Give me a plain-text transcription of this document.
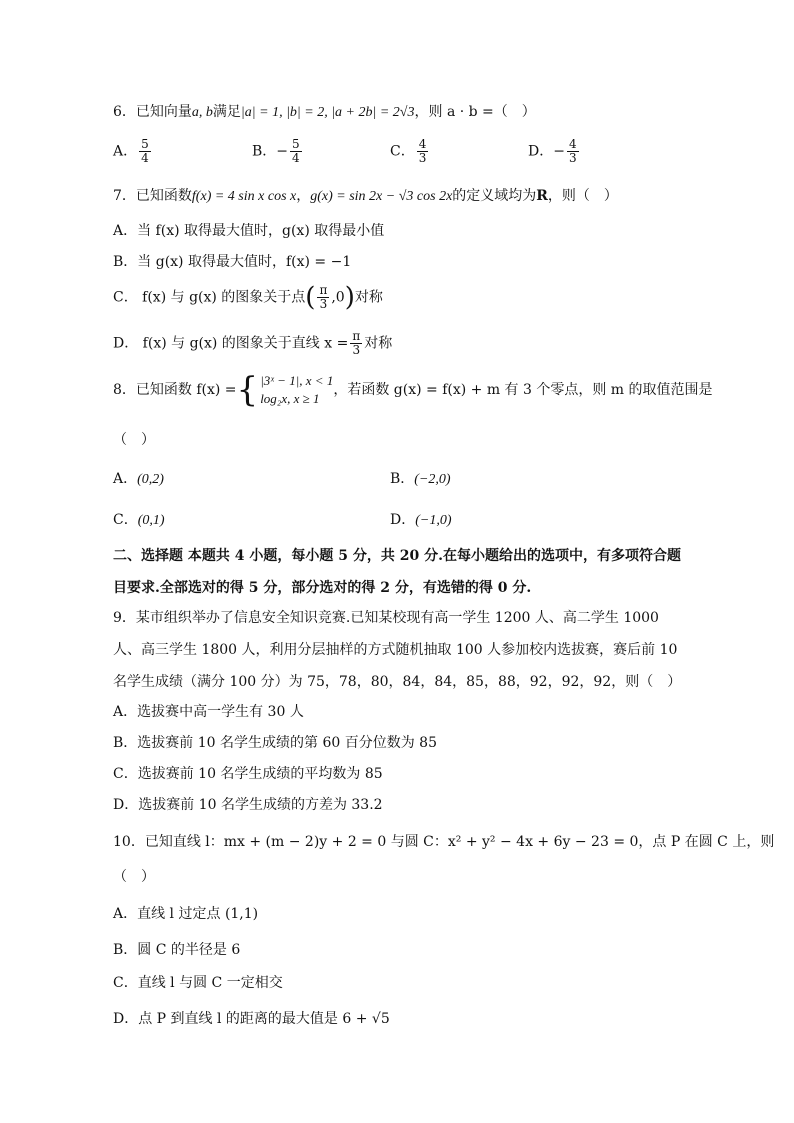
6．已知向量a, b满足|a| = 1, |b| = 2, |a + 2b| = 2√3，则 a · b =（　）
A． $\frac{5}{4}$	B．− $\frac{5}{4}$	C． $\frac{4}{3}$	D．− $\frac{4}{3}$
7．已知函数f(x) = 4 sin x cos x，g(x) = sin 2x − √3 cos 2x的定义域均为R，则（　）
A．当 f(x) 取得最大值时，g(x) 取得最小值
B．当 g(x) 取得最大值时，f(x) = −1
C． f(x) 与 g(x) 的图象关于点( $\frac{\pi}{3} ,0$)对称
D． f(x) 与 g(x) 的图象关于直线 $x = \frac{\pi}{3}$ 对称
8．已知函数 f(x) = { |3ˣ − 1|, x < 1
log₂x, x ≥ 1
，若函数 g(x) = f(x) + m 有 3 个零点，则 m 的取值范围是
（　）
A．(0,2)	B．(−2,0)
C．(0,1)	D．(−1,0)
二、选择题 本题共 4 小题，每小题 5 分，共 20 分.在每小题给出的选项中，有多项符合题目要求.全部选对的得 5 分，部分选对的得 2 分，有选错的得 0 分.
9．某市组织举办了信息安全知识竞赛.已知某校现有高一学生 1200 人、高二学生 1000 人、高三学生 1800 人，利用分层抽样的方式随机抽取 100 人参加校内选拔赛，赛后前 10 名学生成绩（满分 100 分）为 75，78，80，84，84，85，88，92，92，92，则（　）
A．选拔赛中高一学生有 30 人
B．选拔赛前 10 名学生成绩的第 60 百分位数为 85
C．选拔赛前 10 名学生成绩的平均数为 85
D．选拔赛前 10 名学生成绩的方差为 33.2
10．已知直线 l：mx + (m − 2)y + 2 = 0 与圆 C：x² + y² − 4x + 6y − 23 = 0，点 P 在圆 C 上，则
（　）
A．直线 l 过定点 (1,1)
B．圆 C 的半径是 6
C．直线 l 与圆 C 一定相交
D．点 P 到直线 l 的距离的最大值是 6 + √5
